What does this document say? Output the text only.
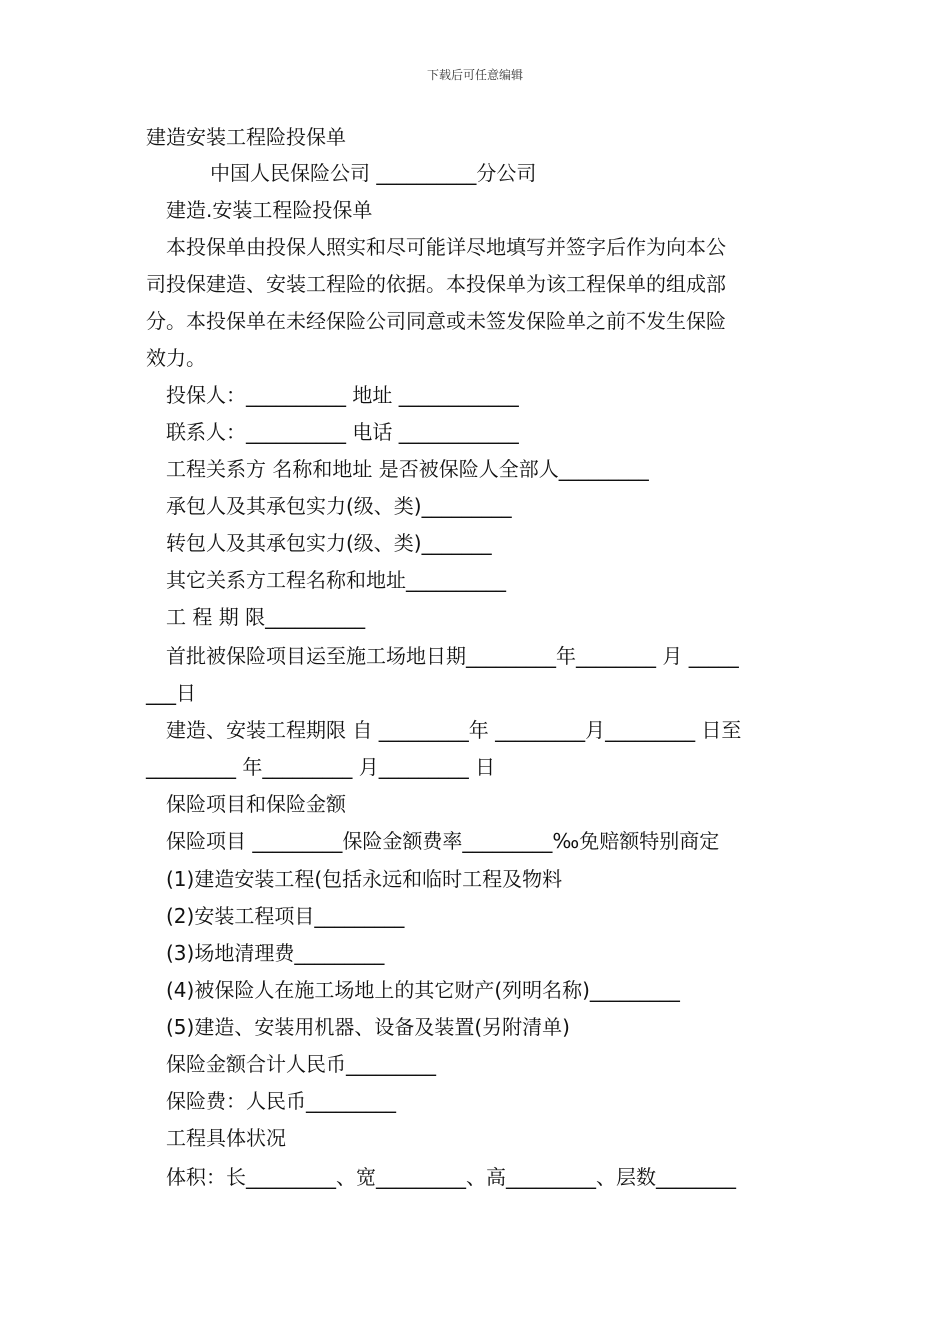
下载后可任意编辑
建造安装工程险投保单
中国人民保险公司 __________分公司
建造.安装工程险投保单
本投保单由投保人照实和尽可能详尽地填写并签字后作为向本公
司投保建造、安装工程险的依据。本投保单为该工程保单的组成部
分。本投保单在未经保险公司同意或未签发保险单之前不发生保险
效力。
投保人：__________ 地址 ____________
联系人：__________ 电话 ____________
工程关系方 名称和地址 是否被保险人全部人_________
承包人及其承包实力(级、类)_________
转包人及其承包实力(级、类)_______
其它关系方工程名称和地址__________
工 程 期 限__________
首批被保险项目运至施工场地日期_________年________ 月 _____
___日
建造、安装工程期限 自 _________年 _________月_________ 日至
_________ 年_________ 月_________ 日
保险项目和保险金额
保险项目 _________保险金额费率_________‰免赔额特别商定
(1)建造安装工程(包括永远和临时工程及物料
(2)安装工程项目_________
(3)场地清理费_________
(4)被保险人在施工场地上的其它财产(列明名称)_________
(5)建造、安装用机器、设备及装置(另附清单)
保险金额合计人民币_________
保险费：人民币_________
工程具体状况
体积：长_________、宽_________、高_________、层数________
